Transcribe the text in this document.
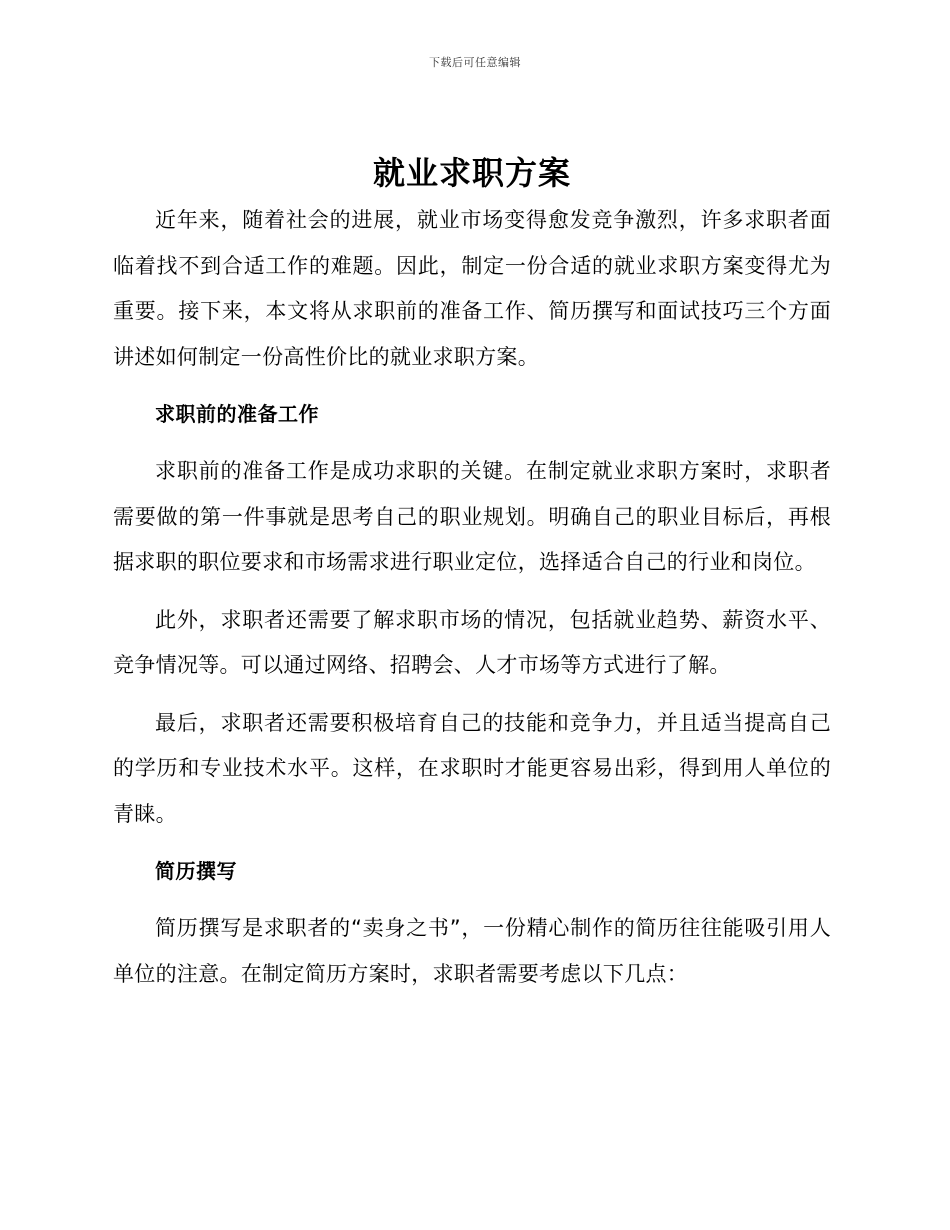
下载后可任意编辑
就业求职方案

近年来，随着社会的进展，就业市场变得愈发竞争激烈，许多求职者面临着找不到合适工作的难题。因此，制定一份合适的就业求职方案变得尤为重要。接下来，本文将从求职前的准备工作、简历撰写和面试技巧三个方面讲述如何制定一份高性价比的就业求职方案。

求职前的准备工作

求职前的准备工作是成功求职的关键。在制定就业求职方案时，求职者需要做的第一件事就是思考自己的职业规划。明确自己的职业目标后，再根据求职的职位要求和市场需求进行职业定位，选择适合自己的行业和岗位。

此外，求职者还需要了解求职市场的情况，包括就业趋势、薪资水平、竞争情况等。可以通过网络、招聘会、人才市场等方式进行了解。

最后，求职者还需要积极培育自己的技能和竞争力，并且适当提高自己的学历和专业技术水平。这样，在求职时才能更容易出彩，得到用人单位的青睐。

简历撰写

简历撰写是求职者的“卖身之书”，一份精心制作的简历往往能吸引用人单位的注意。在制定简历方案时，求职者需要考虑以下几点：
